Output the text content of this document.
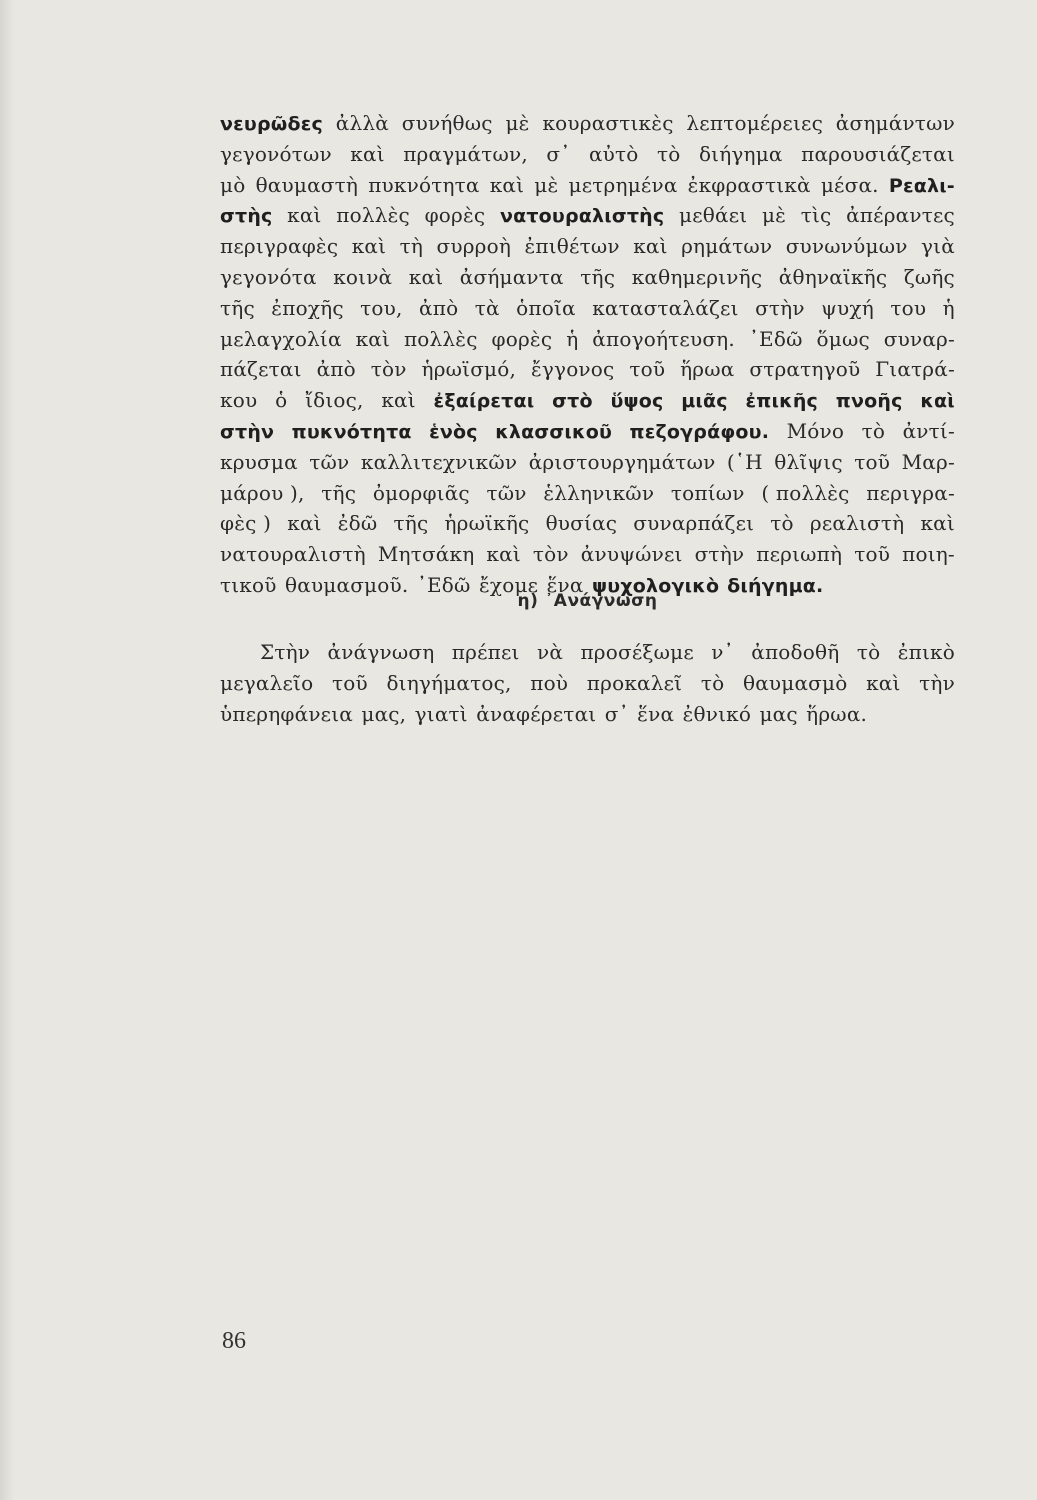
νευρῶδες ἀλλὰ συνήθως μὲ κουραστικὲς λεπτομέρειες ἀσημάντων
γεγονότων καὶ πραγμάτων, σ᾽ αὐτὸ τὸ διήγημα παρουσιάζεται
μὸ θαυμαστὴ πυκνότητα καὶ μὲ μετρημένα ἐκφραστικὰ μέσα. Ρεαλι-
στὴς καὶ πολλὲς φορὲς νατουραλιστὴς μεθάει μὲ τὶς ἀπέραντες
περιγραφὲς καὶ τὴ συρροὴ ἐπιθέτων καὶ ρημάτων συνωνύμων γιὰ
γεγονότα κοινὰ καὶ ἀσήμαντα τῆς καθημερινῆς ἀθηναϊκῆς ζωῆς
τῆς ἐποχῆς του, ἀπὸ τὰ ὁποῖα κατασταλάζει στὴν ψυχή του ἡ
μελαγχολία καὶ πολλὲς φορὲς ἡ ἀπογοήτευση. ᾽Εδῶ ὅμως συναρ-
πάζεται ἀπὸ τὸν ἡρωϊσμό, ἔγγονος τοῦ ἥρωα στρατηγοῦ Γιατρά-
κου ὁ ἴδιος, καὶ ἐξαίρεται στὸ ὕψος μιᾶς ἐπικῆς πνοῆς καὶ
στὴν πυκνότητα ἑνὸς κλασσικοῦ πεζογράφου. Μόνο τὸ ἀντί-
κρυσμα τῶν καλλιτεχνικῶν ἀριστουργημάτων (῾Η θλῖψις τοῦ Μαρ-
μάρου ), τῆς ὀμορφιᾶς τῶν ἑλληνικῶν τοπίων ( πολλὲς περιγρα-
φὲς ) καὶ ἐδῶ τῆς ἡρωϊκῆς θυσίας συναρπάζει τὸ ρεαλιστὴ καὶ
νατουραλιστὴ Μητσάκη καὶ τὸν ἀνυψώνει στὴν περιωπὴ τοῦ ποιη-
τικοῦ θαυμασμοῦ. ᾽Εδῶ ἔχομε ἕνα ψυχολογικὸ διήγημα.
η) ᾽Ανάγνωση
Στὴν ἀνάγνωση πρέπει νὰ προσέξωμε ν᾽ ἀποδοθῆ τὸ ἐπικὸ
μεγαλεῖο τοῦ διηγήματος, ποὺ προκαλεῖ τὸ θαυμασμὸ καὶ τὴν
ὑπερηφάνεια μας, γιατὶ ἀναφέρεται σ᾽ ἕνα ἐθνικό μας ἥρωα.
86
